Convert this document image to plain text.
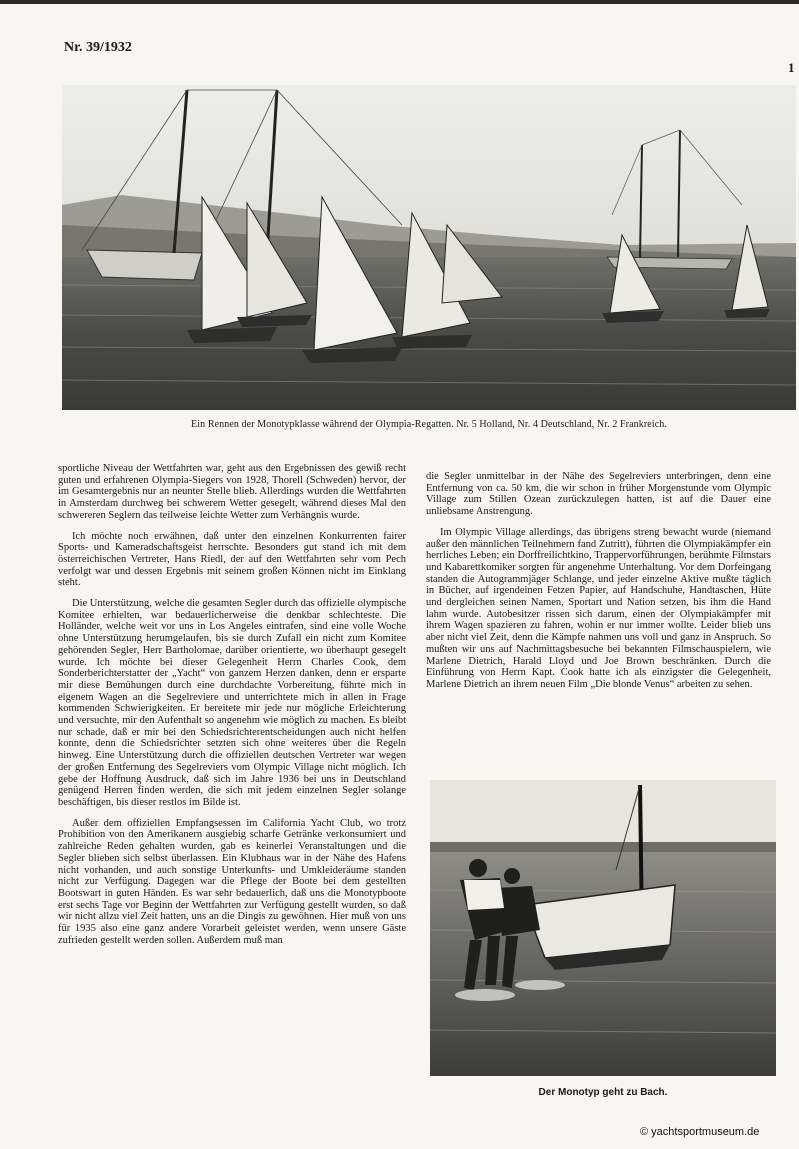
Nr. 39/1932
1
Ein Rennen der Monotypklasse während der Olympia-Regatten. Nr. 5 Holland, Nr. 4 Deutschland, Nr. 2 Frankreich.

sportliche Niveau der Wettfahrten war, geht aus den Ergebnissen des gewiß recht guten und erfahrenen Olympia-Siegers von 1928, Thorell (Schweden) hervor, der im Gesamtergebnis nur an neunter Stelle blieb. Allerdings wurden die Wettfahrten in Amsterdam durchweg bei schwerem Wetter gesegelt, während dieses Mal den schwereren Seglern das teilweise leichte Wetter zum Verhängnis wurde.

Ich möchte noch erwähnen, daß unter den einzelnen Konkurrenten fairer Sports- und Kameradschaftsgeist herrschte. Besonders gut stand ich mit dem österreichischen Vertreter, Hans Riedl, der auf den Wettfahrten sehr vom Pech verfolgt war und dessen Ergebnis mit seinem großen Können nicht im Einklang steht.

Die Unterstützung, welche die gesamten Segler durch das offizielle olympische Komitee erhielten, war bedauerlicherweise die denkbar schlechteste. Die Holländer, welche weit vor uns in Los Angeles eintrafen, sind eine volle Woche ohne Unterstützung herumgelaufen, bis sie durch Zufall ein nicht zum Komitee gehörenden Segler, Herr Bartholomae, darüber orientierte, wo überhaupt gesegelt wurde. Ich möchte bei dieser Gelegenheit Herrn Charles Cook, dem Sonderberichterstatter der „Yacht“ von ganzem Herzen danken, denn er ersparte mir diese Bemühungen durch eine durchdachte Vorbereitung, führte mich in eigenem Wagen an die Segelreviere und unterrichtete mich in allen in Frage kommenden Schwierigkeiten. Er bereitete mir jede nur mögliche Erleichterung und versuchte, mir den Aufenthalt so angenehm wie möglich zu machen. Es bleibt nur schade, daß er mir bei den Schiedsrichterentscheidungen auch nicht helfen konnte, denn die Schiedsrichter setzten sich ohne weiteres über die Regeln hinweg. Eine Unterstützung durch die offiziellen deutschen Vertreter war wegen der großen Entfernung des Segelreviers vom Olympic Village nicht möglich. Ich gebe der Hoffnung Ausdruck, daß sich im Jahre 1936 bei uns in Deutschland genügend Herren finden werden, die sich mit jedem einzelnen Segler solange beschäftigen, bis dieser restlos im Bilde ist.

Außer dem offiziellen Empfangsessen im California Yacht Club, wo trotz Prohibition von den Amerikanern ausgiebig scharfe Getränke verkonsumiert und zahlreiche Reden gehalten wurden, gab es keinerlei Veranstaltungen und die Segler blieben sich selbst überlassen. Ein Klubhaus war in der Nähe des Hafens nicht vorhanden, und auch sonstige Unterkunfts- und Umkleideräume standen nicht zur Verfügung. Dagegen war die Pflege der Boote bei dem gestellten Bootswart in guten Händen. Es war sehr bedauerlich, daß uns die Monotypboote erst sechs Tage vor Beginn der Wettfahrten zur Verfügung gestellt wurden, so daß wir nicht allzu viel Zeit hatten, uns an die Dingis zu gewöhnen. Hier muß von uns für 1935 also eine ganz andere Vorarbeit geleistet werden, wenn unsere Gäste zufrieden gestellt werden sollen. Außerdem muß man

die Segler unmittelbar in der Nähe des Segelreviers unterbringen, denn eine Entfernung von ca. 50 km, die wir schon in früher Morgenstunde vom Olympic Village zum Stillen Ozean zurückzulegen hatten, ist auf die Dauer eine unliebsame Anstrengung.

Im Olympic Village allerdings, das übrigens streng bewacht wurde (niemand außer den männlichen Teilnehmern fand Zutritt), führten die Olympiakämpfer ein herrliches Leben; ein Dorffreilichtkino, Trappervorführungen, berühmte Filmstars und Kabarettkomiker sorgten für angenehme Unterhaltung. Vor dem Dorfeingang standen die Autogrammjäger Schlange, und jeder einzelne Aktive mußte täglich in Bücher, auf irgendeinen Fetzen Papier, auf Handschuhe, Handtaschen, Hüte und dergleichen seinen Namen, Sportart und Nation setzen, bis ihm die Hand lahm wurde. Autobesitzer rissen sich darum, einen der Olympiakämpfer mit ihrem Wagen spazieren zu fahren, wohin er nur immer wollte. Leider blieb uns aber nicht viel Zeit, denn die Kämpfe nahmen uns voll und ganz in Anspruch. So mußten wir uns auf Nachmittagsbesuche bei bekannten Filmschauspielern, wie Marlene Dietrich, Harald Lloyd und Joe Brown beschränken. Durch die Einführung von Herrn Kapt. Cook hatte ich als einzigster die Gelegenheit, Marlene Dietrich an ihrem neuen Film „Die blonde Venus“ arbeiten zu sehen.

Der Monotyp geht zu Bach.
© yachtsportmuseum.de
